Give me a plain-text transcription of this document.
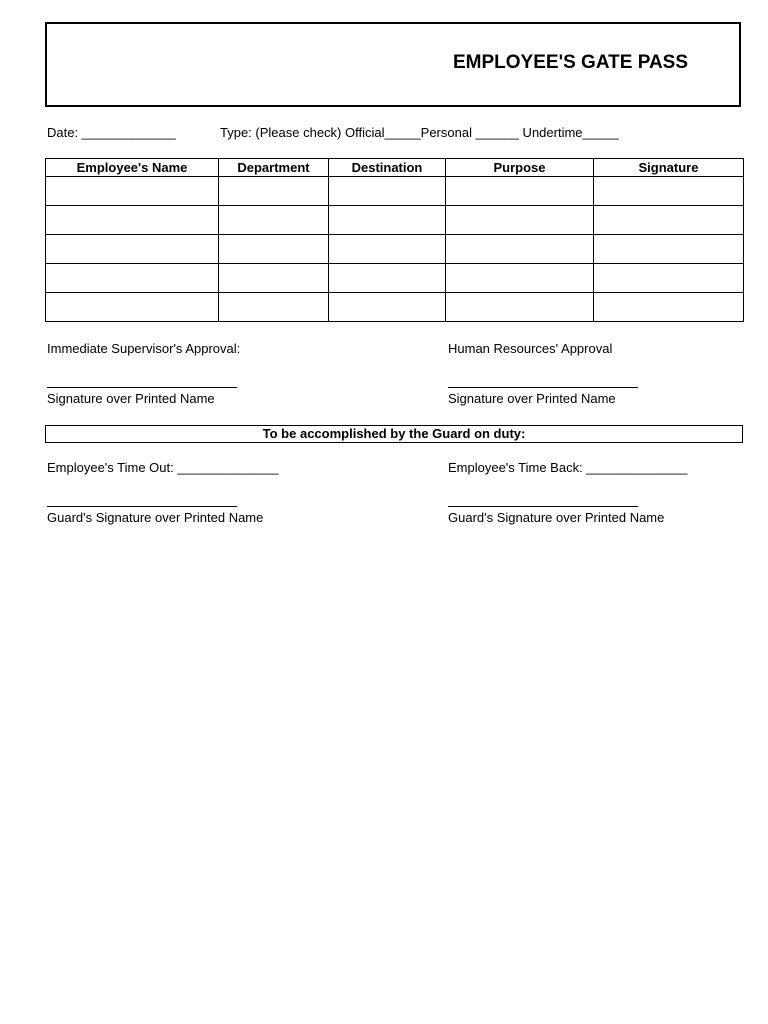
EMPLOYEE'S GATE PASS
Date: _____________	Type: (Please check) Official_____Personal ______ Undertime_____
Employee's Name	Department	Destination	Purpose	Signature

Immediate Supervisor's Approval:	Human Resources' Approval
Signature over Printed Name	Signature over Printed Name
To be accomplished by the Guard on duty:
Employee's Time Out: ______________	Employee's Time Back: ______________
Guard's Signature over Printed Name	Guard's Signature over Printed Name
